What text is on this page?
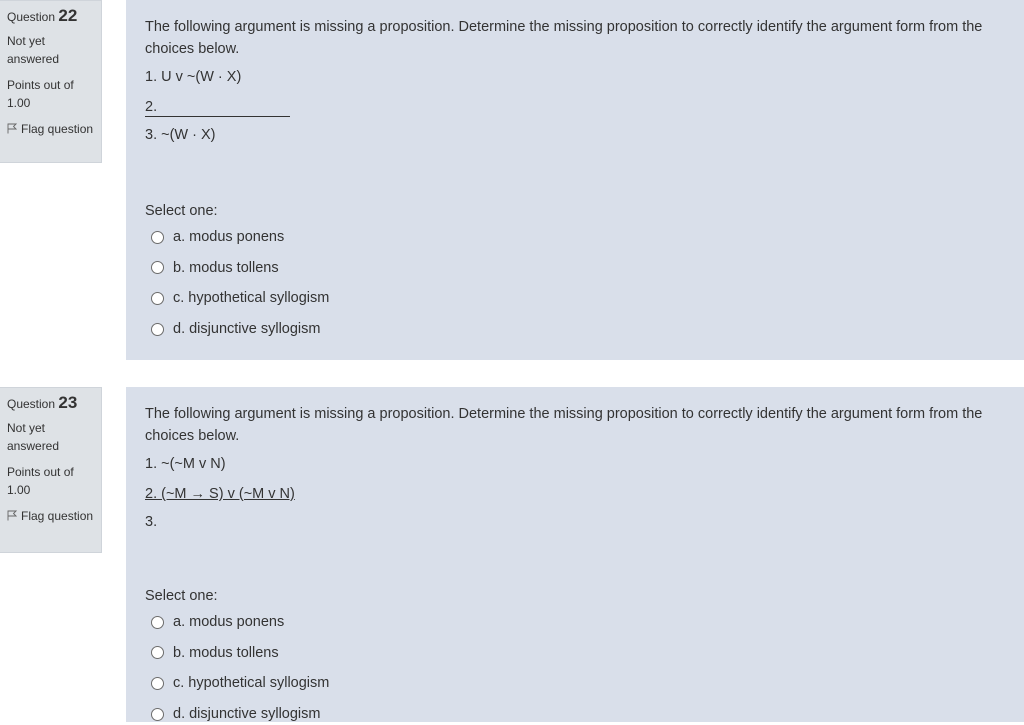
Question 22
Not yet answered
Points out of 1.00
Flag question

The following argument is missing a proposition. Determine the missing proposition to correctly identify the argument form from the choices below.

1. U v ~(W · X)
2.
3. ~(W · X)
Select one:
a. modus ponens
b. modus tollens
c. hypothetical syllogism
d. disjunctive syllogism
Question 23
Not yet answered
Points out of 1.00
Flag question

The following argument is missing a proposition. Determine the missing proposition to correctly identify the argument form from the choices below.

1. ~(~M v N)
2. (~M → S) v (~M v N)
3.
Select one:
a. modus ponens
b. modus tollens
c. hypothetical syllogism
d. disjunctive syllogism
